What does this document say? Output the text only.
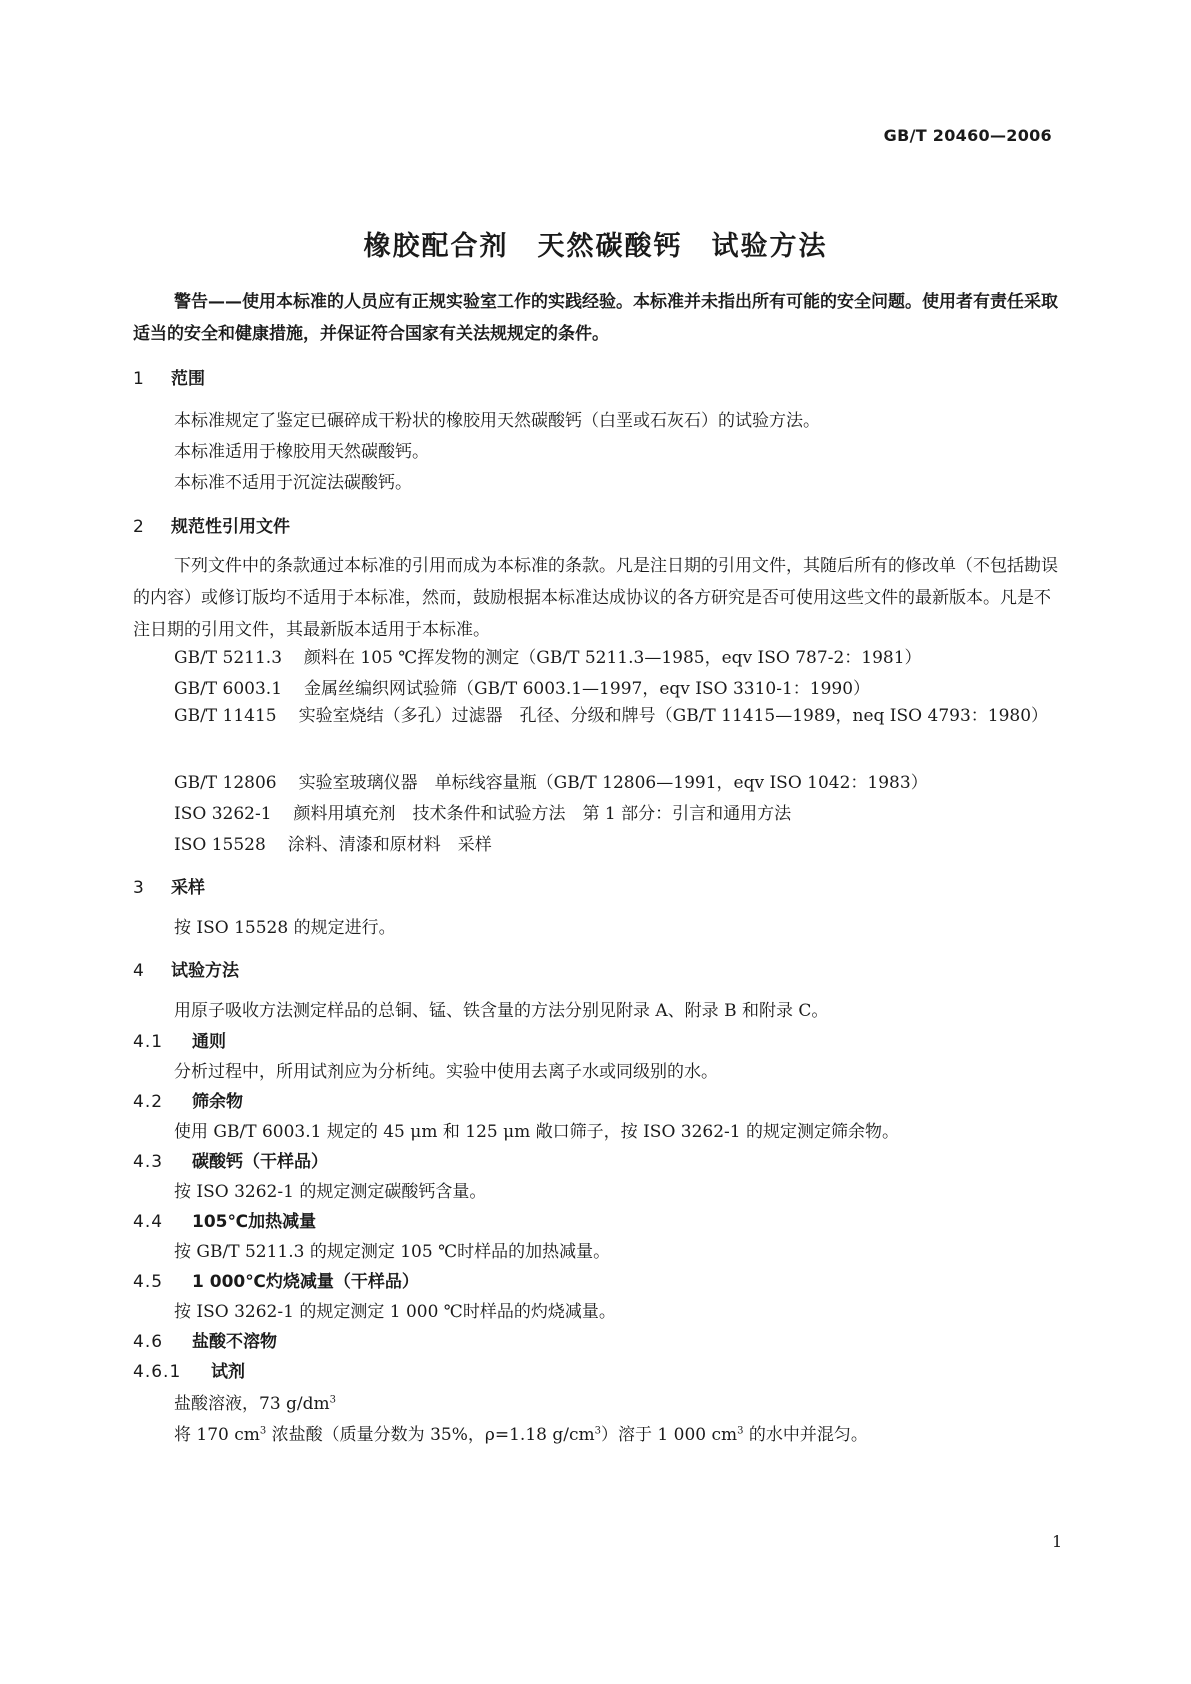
GB/T 20460—2006
橡胶配合剂　天然碳酸钙　试验方法
警告——使用本标准的人员应有正规实验室工作的实践经验。本标准并未指出所有可能的安全问题。使用者有责任采取适当的安全和健康措施，并保证符合国家有关法规规定的条件。
1 范围
本标准规定了鉴定已碾碎成干粉状的橡胶用天然碳酸钙（白垩或石灰石）的试验方法。
本标准适用于橡胶用天然碳酸钙。
本标准不适用于沉淀法碳酸钙。
2 规范性引用文件
下列文件中的条款通过本标准的引用而成为本标准的条款。凡是注日期的引用文件，其随后所有的修改单（不包括勘误的内容）或修订版均不适用于本标准，然而，鼓励根据本标准达成协议的各方研究是否可使用这些文件的最新版本。凡是不注日期的引用文件，其最新版本适用于本标准。
GB/T 5211.3 颜料在 105 ℃挥发物的测定（GB/T 5211.3—1985，eqv ISO 787-2：1981）
GB/T 6003.1 金属丝编织网试验筛（GB/T 6003.1—1997，eqv ISO 3310-1：1990）
GB/T 11415 实验室烧结（多孔）过滤器　孔径、分级和牌号（GB/T 11415—1989，neq ISO 4793：1980）
GB/T 12806 实验室玻璃仪器　单标线容量瓶（GB/T 12806—1991，eqv ISO 1042：1983）
ISO 3262-1 颜料用填充剂　技术条件和试验方法　第 1 部分：引言和通用方法
ISO 15528 涂料、清漆和原材料　采样
3 采样
按 ISO 15528 的规定进行。
4 试验方法
用原子吸收方法测定样品的总铜、锰、铁含量的方法分别见附录 A、附录 B 和附录 C。
4.1 通则
分析过程中，所用试剂应为分析纯。实验中使用去离子水或同级别的水。
4.2 筛余物
使用 GB/T 6003.1 规定的 45 μm 和 125 μm 敞口筛子，按 ISO 3262-1 的规定测定筛余物。
4.3 碳酸钙（干样品）
按 ISO 3262-1 的规定测定碳酸钙含量。
4.4 105℃加热减量
按 GB/T 5211.3 的规定测定 105 ℃时样品的加热减量。
4.5 1 000℃灼烧减量（干样品）
按 ISO 3262-1 的规定测定 1 000 ℃时样品的灼烧减量。
4.6 盐酸不溶物
4.6.1 试剂
盐酸溶液，73 $g/dm^3$
将 170 $cm^3$ 浓盐酸（质量分数为 35%，ρ=1.18 $g/cm^3$）溶于 1 000 $cm^3$ 的水中并混匀。
1
